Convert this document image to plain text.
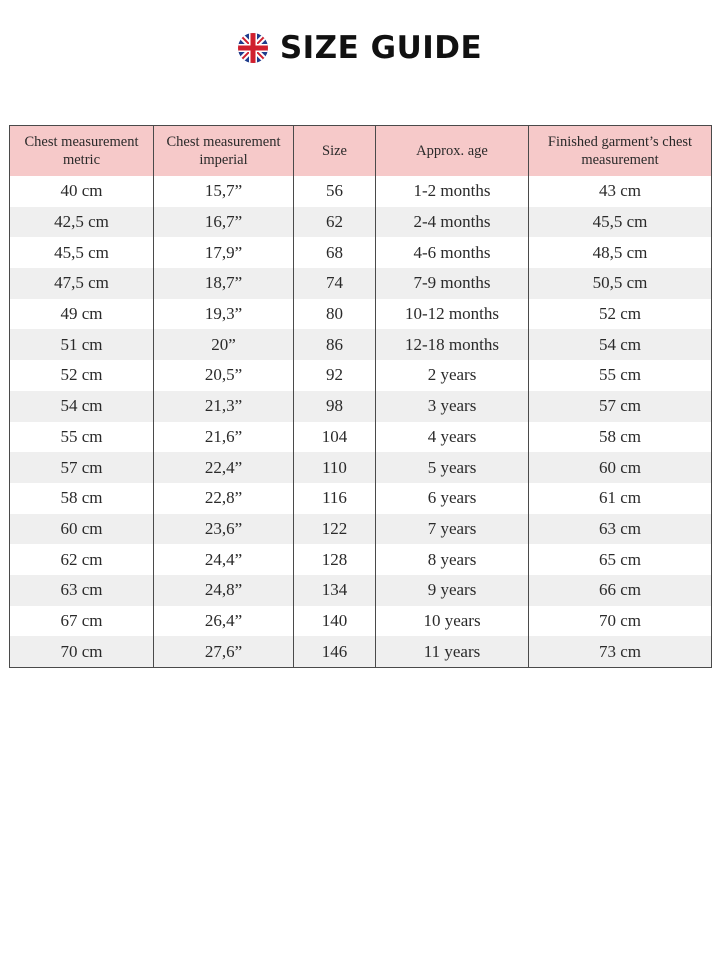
SIZE GUIDE
Chest measurement metric	Chest measurement imperial	Size	Approx. age	Finished garment’s chest measurement
40 cm	15,7”	56	1-2 months	43 cm
42,5 cm	16,7”	62	2-4 months	45,5 cm
45,5 cm	17,9”	68	4-6 months	48,5 cm
47,5 cm	18,7”	74	7-9 months	50,5 cm
49 cm	19,3”	80	10-12 months	52 cm
51 cm	20”	86	12-18 months	54 cm
52 cm	20,5”	92	2 years	55 cm
54 cm	21,3”	98	3 years	57 cm
55 cm	21,6”	104	4 years	58 cm
57 cm	22,4”	110	5 years	60 cm
58 cm	22,8”	116	6 years	61 cm
60 cm	23,6”	122	7 years	63 cm
62 cm	24,4”	128	8 years	65 cm
63 cm	24,8”	134	9 years	66 cm
67 cm	26,4”	140	10 years	70 cm
70 cm	27,6”	146	11 years	73 cm
